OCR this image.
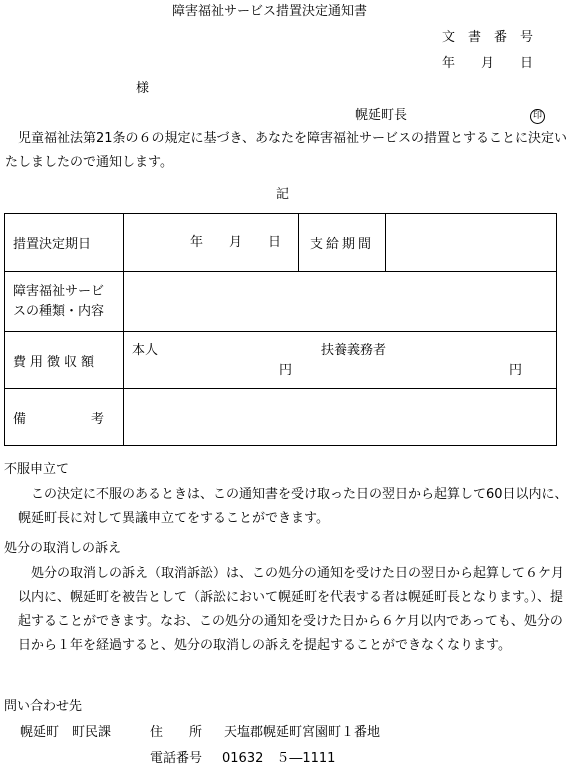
障害福祉サービス措置決定通知書
文　書　番　号
年　　月　　日
様
幌延町長	印
児童福祉法第21条の６の規定に基づき、あなたを障害福祉サービスの措置とすることに決定いたしましたので通知します。
記
措置決定期日	年　　月　　日	支給期間	

障害福祉サービ
スの種類・内容			

費用徴収額	本人 扶養義務者
円 円		

備　　　　　考			
不服申立て
この決定に不服のあるときは、この通知書を受け取った日の翌日から起算して60日以内に、幌延町長に対して異議申立てをすることができます。
処分の取消しの訴え
処分の取消しの訴え（取消訴訟）は、この処分の通知を受けた日の翌日から起算して６ケ月以内に、幌延町を被告として（訴訟において幌延町を代表する者は幌延町長となります。）、提起することができます。なお、この処分の通知を受けた日から６ケ月以内であっても、処分の日から１年を経過すると、処分の取消しの訴えを提起することができなくなります。
問い合わせ先
幌延町　町民課	住　　所 天塩郡幌延町宮園町１番地
電話番号 01632　５―1111
